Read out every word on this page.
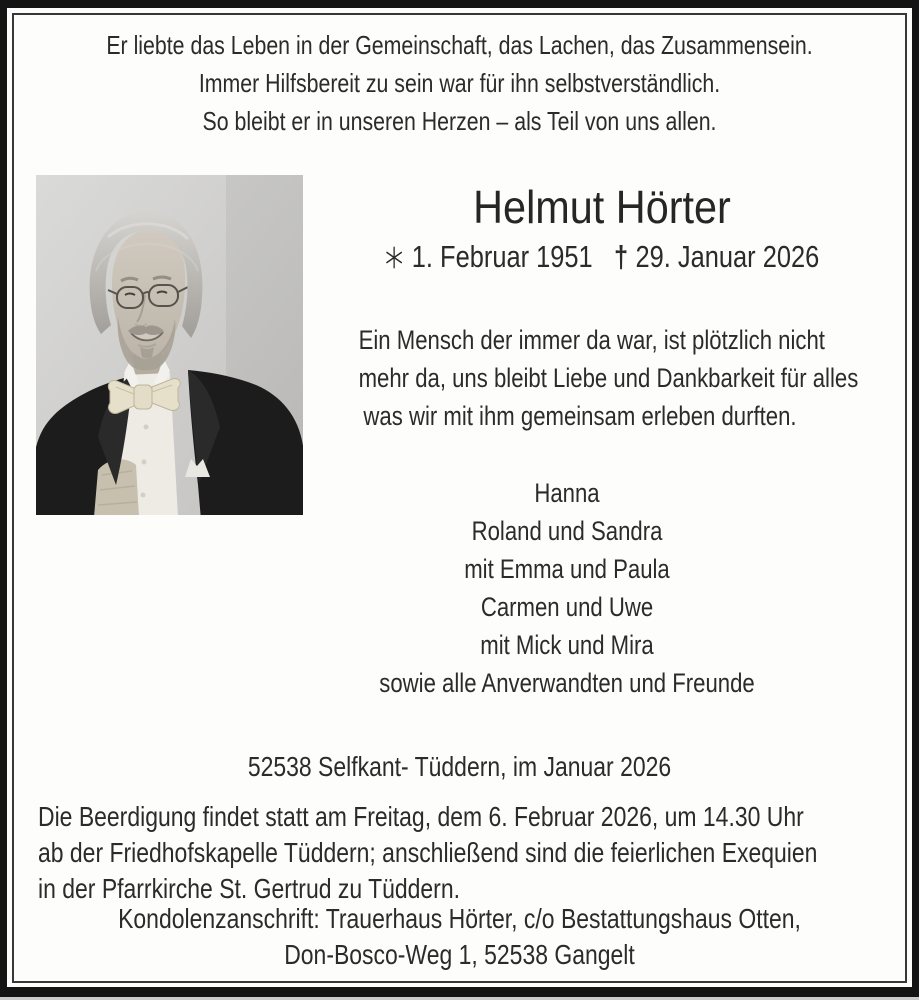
Er liebte das Leben in der Gemeinschaft, das Lachen, das Zusammensein.
Immer Hilfsbereit zu sein war für ihn selbstverständlich.
So bleibt er in unseren Herzen – als Teil von uns allen.
Helmut Hörter
1. Februar 1951 † 29. Januar 2026
Ein Mensch der immer da war, ist plötzlich nicht
mehr da, uns bleibt Liebe und Dankbarkeit für alles
was wir mit ihm gemeinsam erleben durften.
Hanna
Roland und Sandra
mit Emma und Paula
Carmen und Uwe
mit Mick und Mira
sowie alle Anverwandten und Freunde
52538 Selfkant- Tüddern, im Januar 2026
Die Beerdigung findet statt am Freitag, dem 6. Februar 2026, um 14.30 Uhr
ab der Friedhofskapelle Tüddern; anschließend sind die feierlichen Exequien
in der Pfarrkirche St. Gertrud zu Tüddern.
Kondolenzanschrift: Trauerhaus Hörter, c/o Bestattungshaus Otten,
Don-Bosco-Weg 1, 52538 Gangelt
